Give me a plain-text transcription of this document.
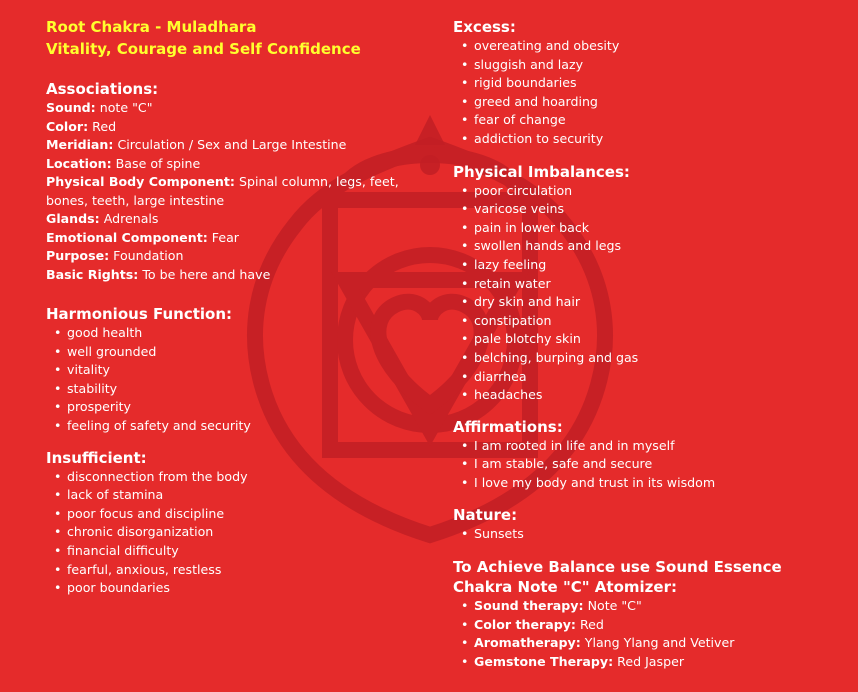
Root Chakra - Muladhara
Vitality, Courage and Self Confidence
Associations:
Sound: note "C"
Color: Red
Meridian: Circulation / Sex and Large Intestine
Location: Base of spine
Physical Body Component: Spinal column, legs, feet,
bones, teeth, large intestine
Glands: Adrenals
Emotional Component: Fear
Purpose: Foundation
Basic Rights: To be here and have
Harmonious Function:
• good health
• well grounded
• vitality
• stability
• prosperity
• feeling of safety and security
Insufficient:
• disconnection from the body
• lack of stamina
• poor focus and discipline
• chronic disorganization
• financial difficulty
• fearful, anxious, restless
• poor boundaries
Excess:
• overeating and obesity
• sluggish and lazy
• rigid boundaries
• greed and hoarding
• fear of change
• addiction to security
Physical Imbalances:
• poor circulation
• varicose veins
• pain in lower back
• swollen hands and legs
• lazy feeling
• retain water
• dry skin and hair
• constipation
• pale blotchy skin
• belching, burping and gas
• diarrhea
• headaches
Affirmations:
• I am rooted in life and in myself
• I am stable, safe and secure
• I love my body and trust in its wisdom
Nature:
• Sunsets
To Achieve Balance use Sound Essence
Chakra Note "C" Atomizer:
• Sound therapy: Note "C"
• Color therapy: Red
• Aromatherapy: Ylang Ylang and Vetiver
• Gemstone Therapy: Red Jasper
